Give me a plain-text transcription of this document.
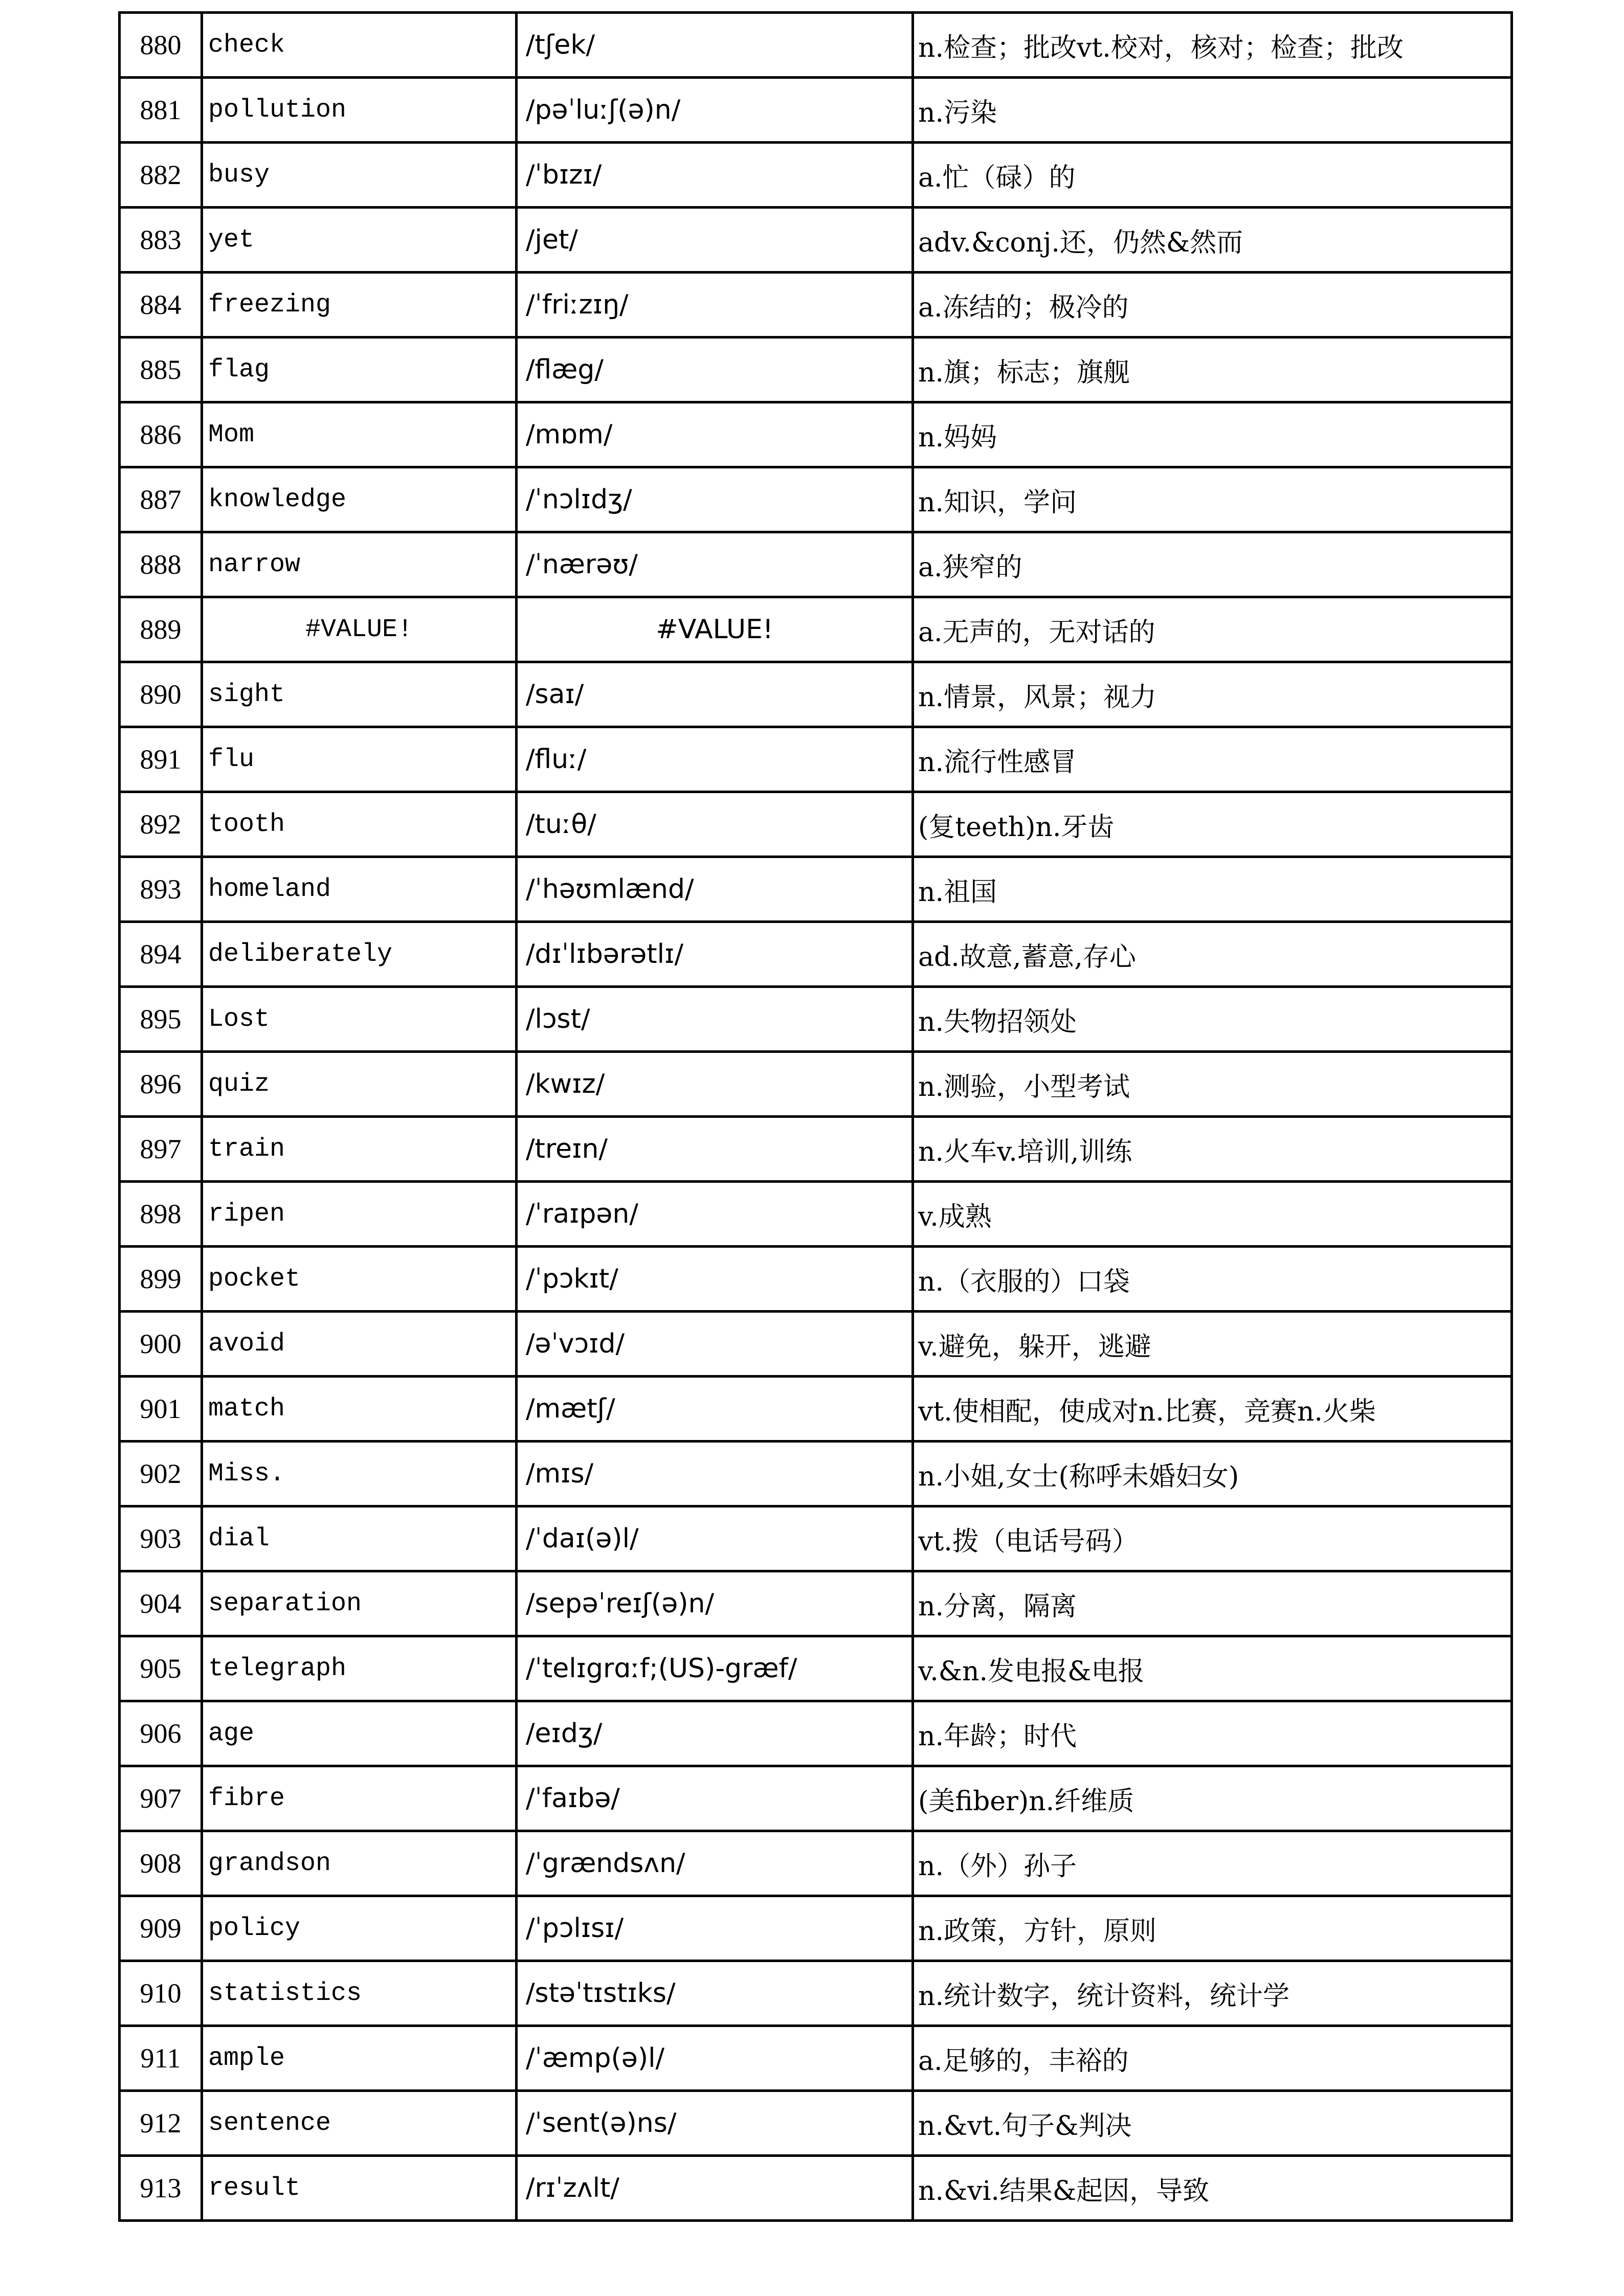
880	check	/tʃek/	n.检查；批改vt.校对，核对；检查；批改
881	pollution	/pəˈluːʃ(ə)n/	n.污染
882	busy	/ˈbɪzɪ/	a.忙（碌）的
883	yet	/jet/	adv.&conj.还，仍然&然而
884	freezing	/ˈfriːzɪŋ/	a.冻结的；极冷的
885	flag	/flæg/	n.旗；标志；旗舰
886	Mom	/mɒm/	n.妈妈
887	knowledge	/ˈnɔlɪdʒ/	n.知识，学问
888	narrow	/ˈnærəʊ/	a.狭窄的
889	#VALUE!	#VALUE!	a.无声的，无对话的
890	sight	/saɪ/	n.情景，风景；视力
891	flu	/fluː/	n.流行性感冒
892	tooth	/tuːθ/	(复teeth)n.牙齿
893	homeland	/ˈhəʊmlænd/	n.祖国
894	deliberately	/dɪˈlɪbərətlɪ/	ad.故意,蓄意,存心
895	Lost	/lɔst/	n.失物招领处
896	quiz	/kwɪz/	n.测验，小型考试
897	train	/treɪn/	n.火车v.培训,训练
898	ripen	/ˈraɪpən/	v.成熟
899	pocket	/ˈpɔkɪt/	n.（衣服的）口袋
900	avoid	/əˈvɔɪd/	v.避免，躲开，逃避
901	match	/mætʃ/	vt.使相配，使成对n.比赛，竞赛n.火柴
902	Miss.	/mɪs/	n.小姐,女士(称呼未婚妇女)
903	dial	/ˈdaɪ(ə)l/	vt.拨（电话号码）
904	separation	/sepəˈreɪʃ(ə)n/	n.分离，隔离
905	telegraph	/ˈtelɪgrɑːf;(US)-græf/	v.&n.发电报&电报
906	age	/eɪdʒ/	n.年龄；时代
907	fibre	/ˈfaɪbə/	(美fiber)n.纤维质
908	grandson	/ˈgrændsʌn/	n.（外）孙子
909	policy	/ˈpɔlɪsɪ/	n.政策，方针，原则
910	statistics	/stəˈtɪstɪks/	n.统计数字，统计资料，统计学
911	ample	/ˈæmp(ə)l/	a.足够的，丰裕的
912	sentence	/ˈsent(ə)ns/	n.&vt.句子&判决
913	result	/rɪˈzʌlt/	n.&vi.结果&起因，导致
